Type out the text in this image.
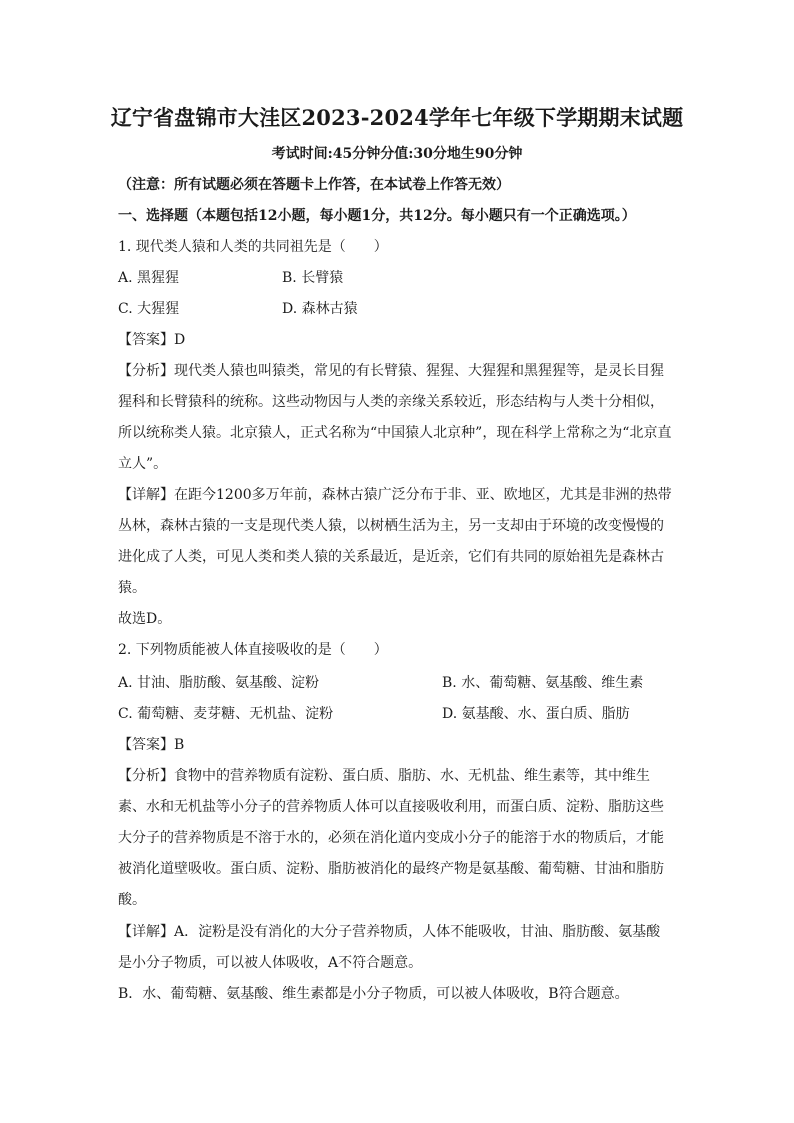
辽宁省盘锦市大洼区2023-2024学年七年级下学期期末试题
考试时间:45分钟分值:30分地生90分钟
（注意：所有试题必须在答题卡上作答，在本试卷上作答无效）
一、选择题（本题包括12小题，每小题1分，共12分。每小题只有一个正确选项。）
1. 现代类人猿和人类的共同祖先是（　　）
A. 黑猩猩	B. 长臂猿
C. 大猩猩	D. 森林古猿
【答案】D
【分析】现代类人猿也叫猿类，常见的有长臂猿、猩猩、大猩猩和黑猩猩等，是灵长目猩
猩科和长臂猿科的统称。这些动物因与人类的亲缘关系较近，形态结构与人类十分相似，
所以统称类人猿。北京猿人，正式名称为“中国猿人北京种”，现在科学上常称之为“北京直
立人”。
【详解】在距今1200多万年前，森林古猿广泛分布于非、亚、欧地区，尤其是非洲的热带
丛林，森林古猿的一支是现代类人猿，以树栖生活为主，另一支却由于环境的改变慢慢的
进化成了人类，可见人类和类人猿的关系最近，是近亲，它们有共同的原始祖先是森林古
猿。
故选D。
2. 下列物质能被人体直接吸收的是（　　）
A. 甘油、脂肪酸、氨基酸、淀粉	B. 水、葡萄糖、氨基酸、维生素
C. 葡萄糖、麦芽糖、无机盐、淀粉	D. 氨基酸、水、蛋白质、脂肪
【答案】B
【分析】食物中的营养物质有淀粉、蛋白质、脂肪、水、无机盐、维生素等，其中维生
素、水和无机盐等小分子的营养物质人体可以直接吸收利用，而蛋白质、淀粉、脂肪这些
大分子的营养物质是不溶于水的，必须在消化道内变成小分子的能溶于水的物质后，才能
被消化道壁吸收。蛋白质、淀粉、脂肪被消化的最终产物是氨基酸、葡萄糖、甘油和脂肪
酸。
【详解】A．淀粉是没有消化的大分子营养物质，人体不能吸收，甘油、脂肪酸、氨基酸
是小分子物质，可以被人体吸收，A不符合题意。
B．水、葡萄糖、氨基酸、维生素都是小分子物质，可以被人体吸收，B符合题意。
